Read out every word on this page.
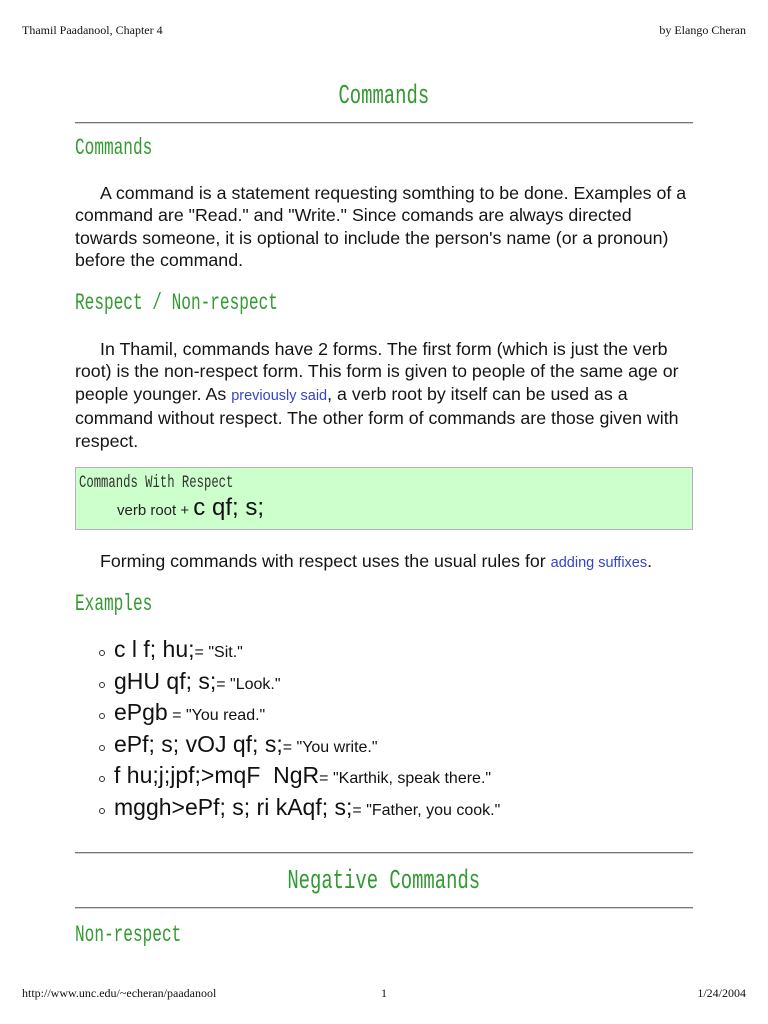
Thamil Paadanool, Chapter 4	by Elango Cheran
Commands
Commands
A command is a statement requesting somthing to be done. Examples of a command are "Read." and "Write." Since comands are always directed towards someone, it is optional to include the person's name (or a pronoun) before the command.
Respect / Non-respect
In Thamil, commands have 2 forms. The first form (which is just the verb root) is the non-respect form. This form is given to people of the same age or people younger. As previously said, a verb root by itself can be used as a command without respect. The other form of commands are those given with respect.
Commands With Respect
verb root + c qf; s;
Forming commands with respect uses the usual rules for adding suffixes.
Examples
c l f; hu;= "Sit."
gHU qf; s;= "Look."
ePgb = "You read."
ePf; s; vOJ qf; s;= "You write."
f hu;j;jpf;>mqF  NgR= "Karthik, speak there."
mggh>ePf; s; ri kAqf; s;= "Father, you cook."
Negative Commands
Non-respect
http://www.unc.edu/~echeran/paadanool	1	1/24/2004
